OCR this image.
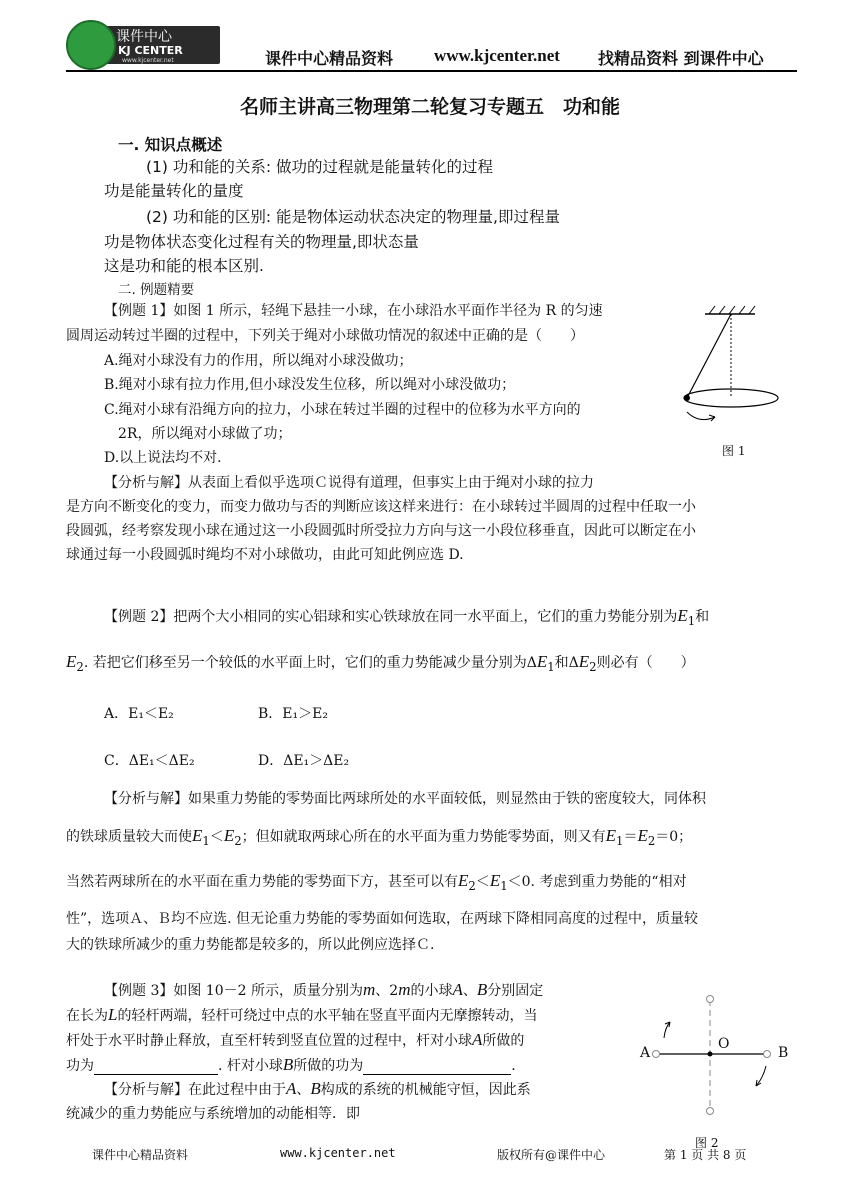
课件中心
KJ CENTER
www.kjcenter.net	课件中心精品资料 www.kjcenter.net 找精品资料 到课件中心
名师主讲高三物理第二轮复习专题五　功和能
一. 知识点概述
(1) 功和能的关系: 做功的过程就是能量转化的过程
功是能量转化的量度
(2) 功和能的区别: 能是物体运动状态决定的物理量,即过程量
功是物体状态变化过程有关的物理量,即状态量
这是功和能的根本区别.
二. 例题精要
【例题 1】如图 1 所示，轻绳下悬挂一小球，在小球沿水平面作半径为 R 的匀速
圆周运动转过半圈的过程中，下列关于绳对小球做功情况的叙述中正确的是（　　）
A.绳对小球没有力的作用，所以绳对小球没做功；
B.绳对小球有拉力作用,但小球没发生位移，所以绳对小球没做功；
C.绳对小球有沿绳方向的拉力，小球在转过半圈的过程中的位移为水平方向的
2R，所以绳对小球做了功；
D.以上说法均不对.
【分析与解】从表面上看似乎选项Ｃ说得有道理，但事实上由于绳对小球的拉力
是方向不断变化的变力，而变力做功与否的判断应该这样来进行：在小球转过半圆周的过程中任取一小
段圆弧，经考察发现小球在通过这一小段圆弧时所受拉力方向与这一小段位移垂直，因此可以断定在小
球通过每一小段圆弧时绳均不对小球做功，由此可知此例应选 D.
图 1
【例题 2】把两个大小相同的实心铝球和实心铁球放在同一水平面上，它们的重力势能分别为$E_1$和
$E_2$. 若把它们移至另一个较低的水平面上时，它们的重力势能减少量分别为$\Delta E_1$和$\Delta E_2$则必有（　　）
A．E₁＜E₂	B．E₁＞E₂
C．ΔE₁＜ΔE₂	D．ΔE₁＞ΔE₂
【分析与解】如果重力势能的零势面比两球所处的水平面较低，则显然由于铁的密度较大，同体积
的铁球质量较大而使$E_1<E_2$；但如就取两球心所在的水平面为重力势能零势面，则又有$E_1=E_2=0$；
当然若两球所在的水平面在重力势能的零势面下方，甚至可以有$E_2<E_1<0$. 考虑到重力势能的“相对
性”，选项Ａ、Ｂ均不应选. 但无论重力势能的零势面如何选取，在两球下降相同高度的过程中，质量较
大的铁球所减少的重力势能都是较多的，所以此例应选择Ｃ.
【例题 3】如图 10－2 所示，质量分别为m、2m的小球A、B分别固定
在长为L的轻杆两端，轻杆可绕过中点的水平轴在竖直平面内无摩擦转动，当
杆处于水平时静止释放，直至杆转到竖直位置的过程中，杆对小球A所做的
功为	. 杆对小球B所做的功为	.
【分析与解】在此过程中由于A、B构成的系统的机械能守恒，因此系
统减少的重力势能应与系统增加的动能相等．即
A	B
O
图 2
课件中心精品资料	www.kjcenter.net	版权所有@课件中心	第 1 页 共 8 页
